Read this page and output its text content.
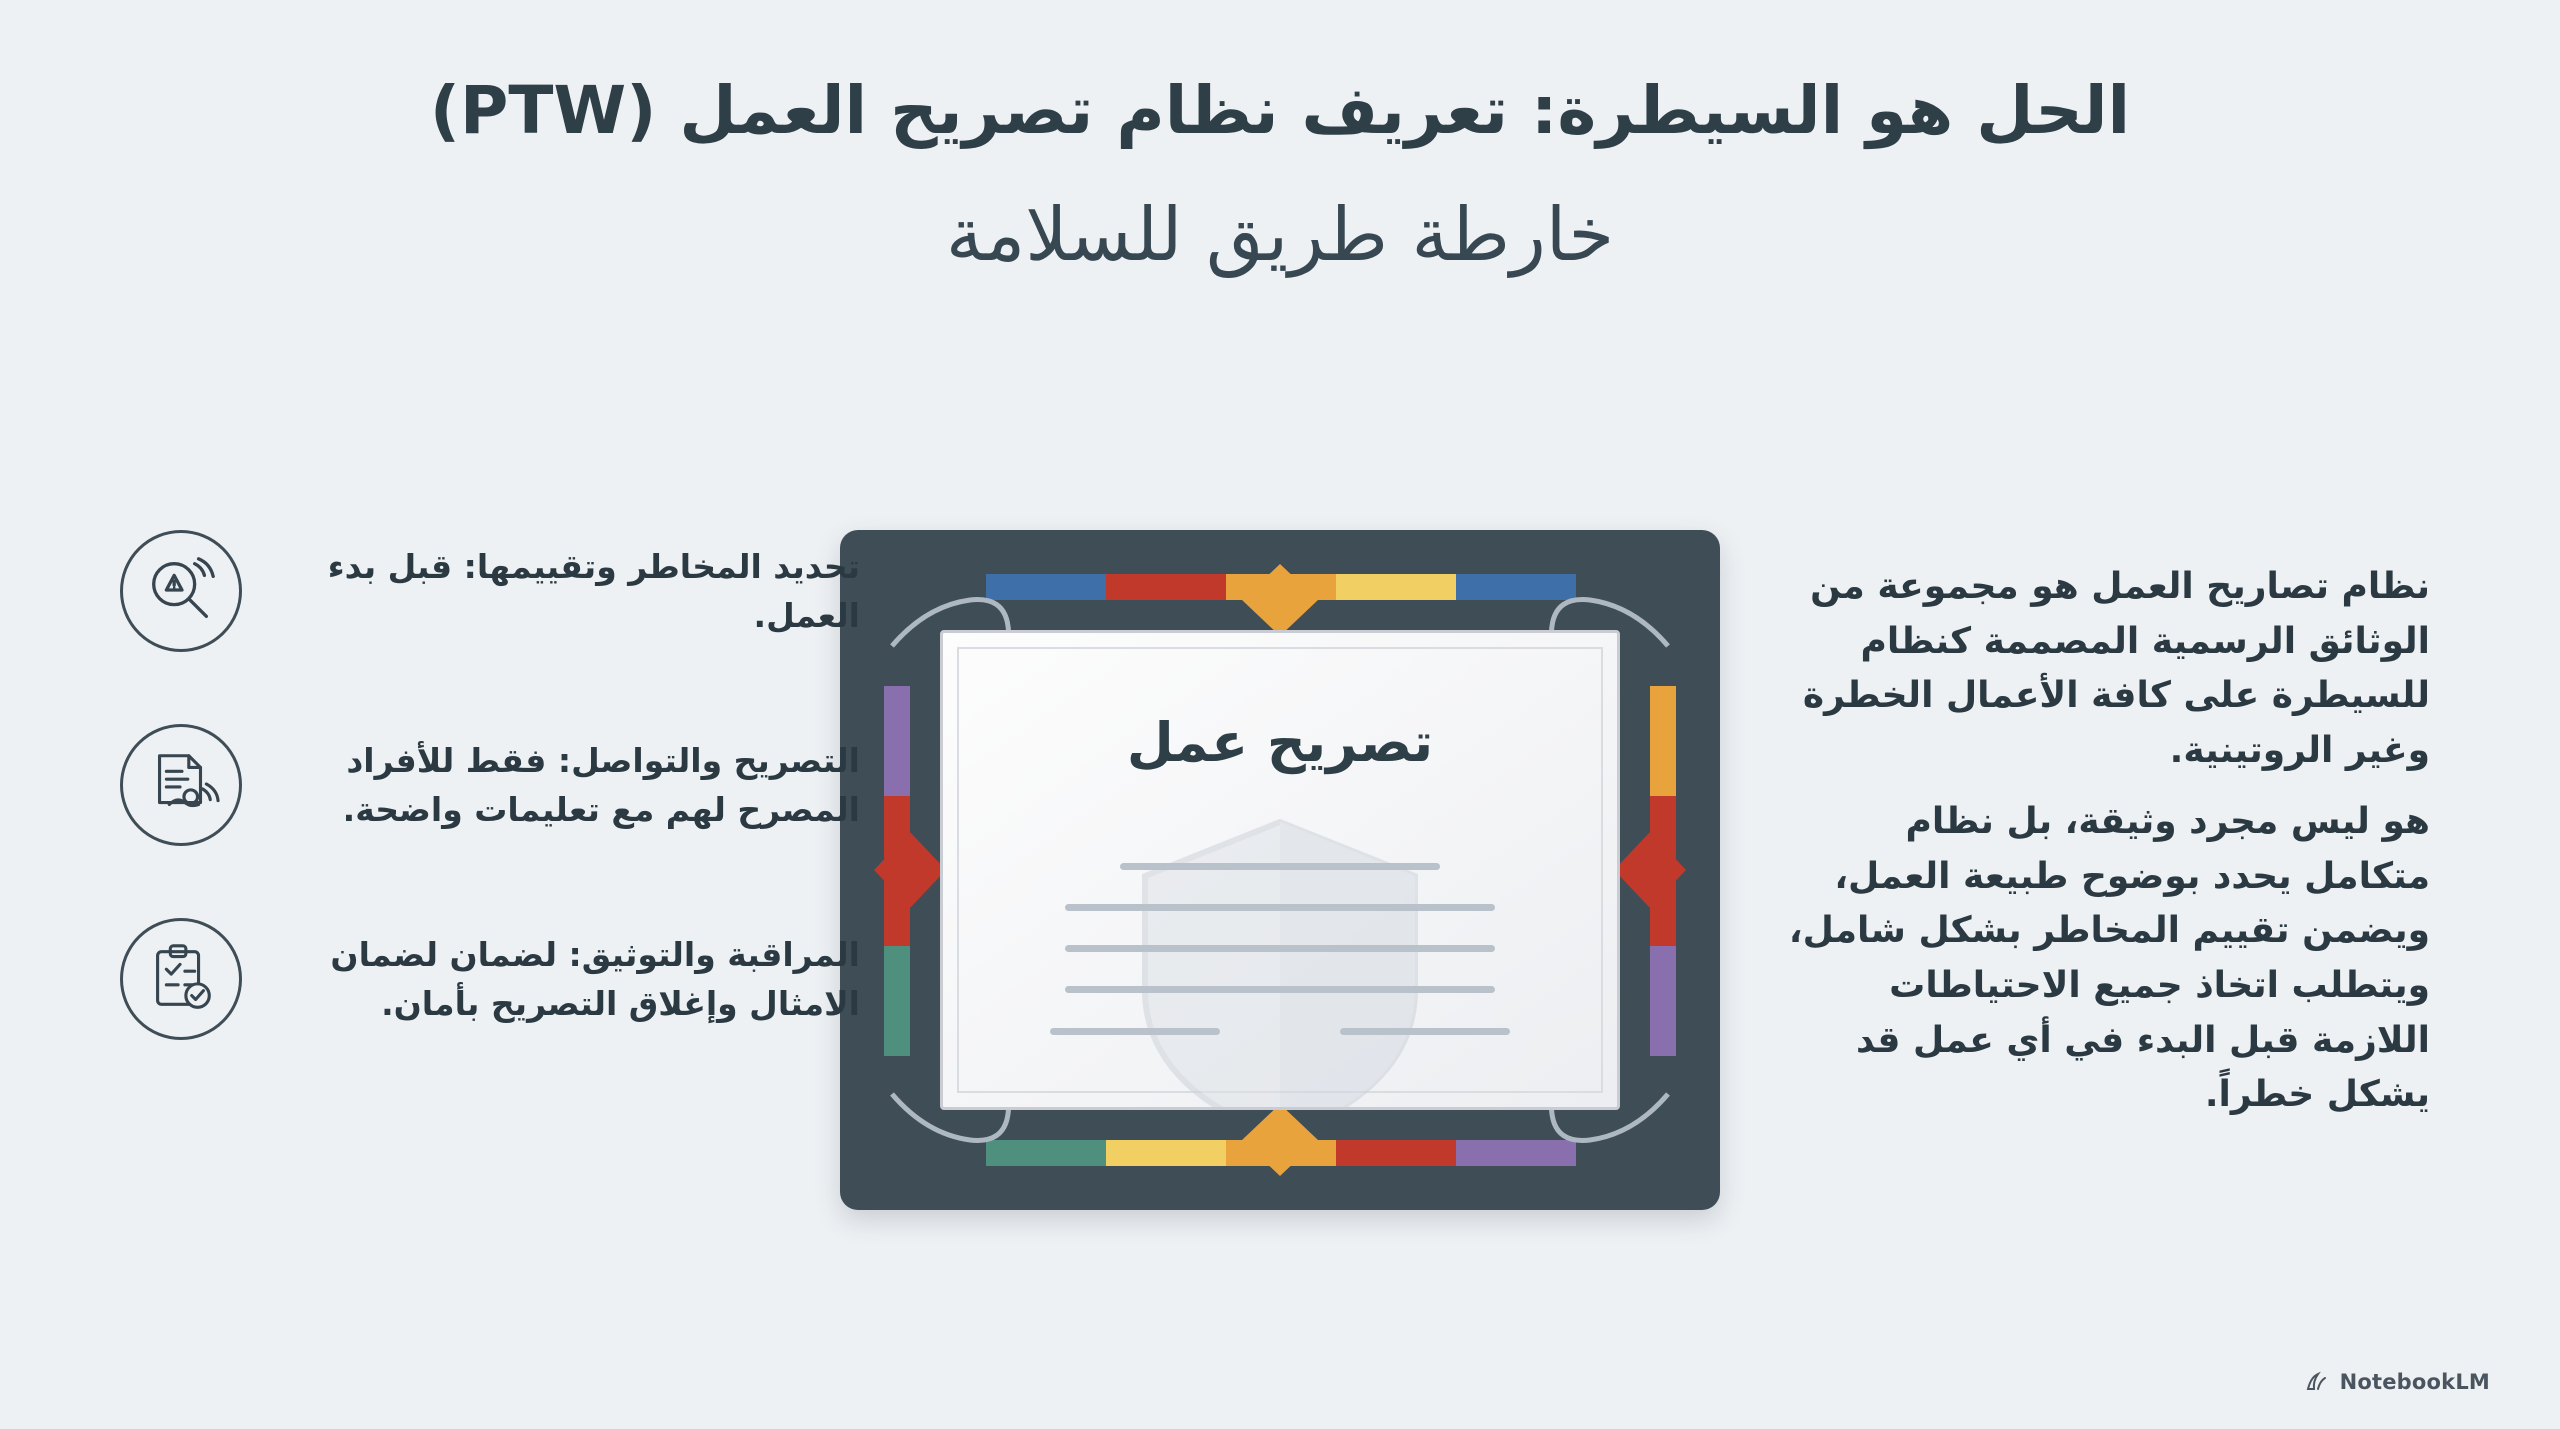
الحل هو السيطرة: تعريف نظام تصريح العمل (PTW)
خارطة طريق للسلامة

نظام تصاريح العمل هو مجموعة من الوثائق الرسمية المصممة كنظام للسيطرة على كافة الأعمال الخطرة وغير الروتينية.

هو ليس مجرد وثيقة، بل نظام متكامل يحدد بوضوح طبيعة العمل، ويضمن تقييم المخاطر بشكل شامل، ويتطلب اتخاذ جميع الاحتياطات اللازمة قبل البدء في أي عمل قد يشكل خطراً.

تصريح عمل
تحديد المخاطر وتقييمها: قبل بدء العمل.
التصريح والتواصل: فقط للأفراد المصرح لهم مع تعليمات واضحة.
المراقبة والتوثيق: لضمان لضمان الامثال وإغلاق التصريح بأمان.
NotebookLM
